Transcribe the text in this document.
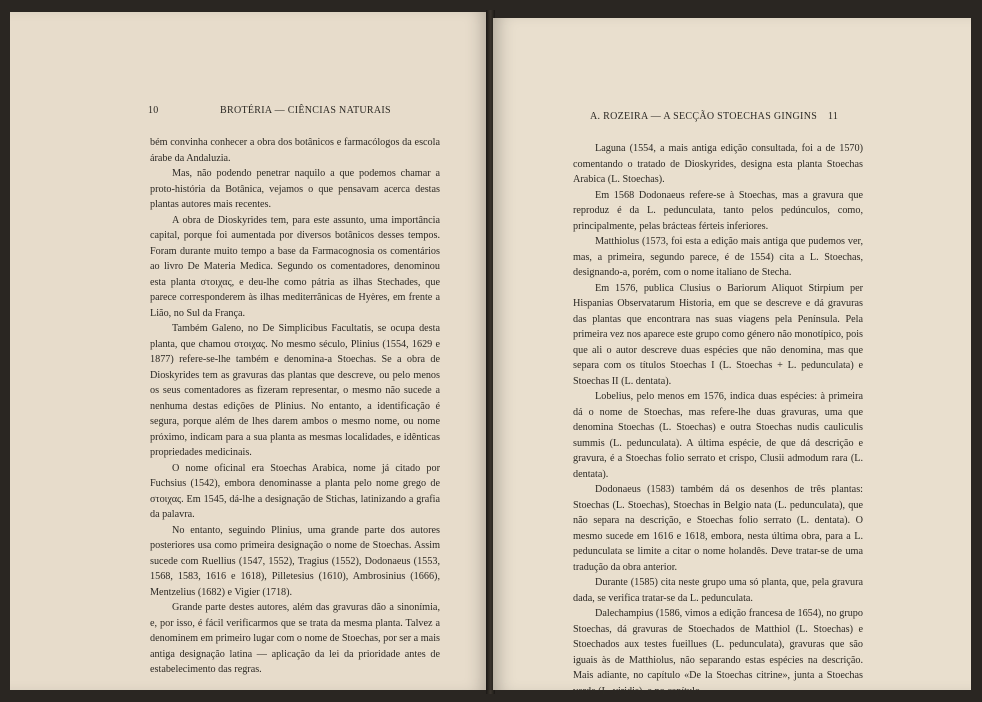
10	BROTÉRIA — CIÊNCIAS NATURAIS

bém convinha conhecer a obra dos botânicos e farmacólogos da escola árabe da Andaluzia.

Mas, não podendo penetrar naquilo a que podemos chamar a proto-história da Botânica, vejamos o que pensavam acerca destas plantas autores mais recentes.

A obra de Dioskyrides tem, para este assunto, uma importância capital, porque foi aumentada por diversos botânicos desses tempos. Foram durante muito tempo a base da Farmacognosia os comentários ao livro De Materia Medica. Segundo os comentadores, denominou esta planta στοιχας, e deu-lhe como pátria as ilhas Stechades, que parece corresponderem às ilhas mediterrânicas de Hyères, em frente a Lião, no Sul da França.

Também Galeno, no De Simplicibus Facultatis, se ocupa desta planta, que chamou στοιχας. No mesmo século, Plinius (1554, 1629 e 1877) refere-se-lhe também e denomina-a Stoechas. Se a obra de Dioskyrides tem as gravuras das plantas que descreve, ou pelo menos os seus comentadores as fizeram representar, o mesmo não sucede a nenhuma destas edições de Plinius. No entanto, a identificação é segura, porque além de lhes darem ambos o mesmo nome, ou nome próximo, indicam para a sua planta as mesmas localidades, e idênticas propriedades medicinais.

O nome oficinal era Stoechas Arabica, nome já citado por Fuchsius (1542), embora denominasse a planta pelo nome grego de στοιχας. Em 1545, dá-lhe a designação de Stichas, latinizando a grafia da palavra.

No entanto, seguindo Plinius, uma grande parte dos autores posteriores usa como primeira designação o nome de Stoechas. Assim sucede com Ruellius (1547, 1552), Tragius (1552), Dodonaeus (1553, 1568, 1583, 1616 e 1618), Pilletesius (1610), Ambrosinius (1666), Mentzelius (1682) e Vigier (1718).

Grande parte destes autores, além das gravuras dão a sinonímia, e, por isso, é fácil verificarmos que se trata da mesma planta. Talvez a denominem em primeiro lugar com o nome de Stoechas, por ser a mais antiga designação latina — aplicação da lei da prioridade antes de estabelecimento das regras.

A. ROZEIRA — A SECÇÃO STOECHAS GINGINS 11

Laguna (1554, a mais antiga edição consultada, foi a de 1570) comentando o tratado de Dioskyrides, designa esta planta Stoechas Arabica (L. Stoechas).

Em 1568 Dodonaeus refere-se à Stoechas, mas a gravura que reproduz é da L. pedunculata, tanto pelos pedúnculos, como, principalmente, pelas brácteas férteis inferiores.

Matthiolus (1573, foi esta a edição mais antiga que pudemos ver, mas, a primeira, segundo parece, é de 1554) cita a L. Stoechas, designando-a, porém, com o nome italiano de Stecha.

Em 1576, publica Clusius o Bariorum Aliquot Stirpium per Hispanias Observatarum Historia, em que se descreve e dá gravuras das plantas que encontrara nas suas viagens pela Península. Pela primeira vez nos aparece este grupo como género não monotípico, pois que ali o autor descreve duas espécies que não denomina, mas que separa com os títulos Stoechas I (L. Stoechas + L. pedunculata) e Stoechas II (L. dentata).

Lobelius, pelo menos em 1576, indica duas espécies: à primeira dá o nome de Stoechas, mas refere-lhe duas gravuras, uma que denomina Stoechas (L. Stoechas) e outra Stoechas nudis cauliculis summis (L. pedunculata). A última espécie, de que dá descrição e gravura, é a Stoechas folio serrato et crispo, Clusii admodum rara (L. dentata).

Dodonaeus (1583) também dá os desenhos de três plantas: Stoechas (L. Stoechas), Stoechas in Belgio nata (L. pedunculata), que não separa na descrição, e Stoechas folio serrato (L. dentata). O mesmo sucede em 1616 e 1618, embora, nesta última obra, para a L. pedunculata se limite a citar o nome holandês. Deve tratar-se de uma tradução da obra anterior.

Durante (1585) cita neste grupo uma só planta, que, pela gravura dada, se verifica tratar-se da L. pedunculata.

Dalechampius (1586, vimos a edição francesa de 1654), no grupo Stoechas, dá gravuras de Stoechados de Matthiol (L. Stoechas) e Stoechados aux testes fueillues (L. pedunculata), gravuras que são iguais às de Matthiolus, não separando estas espécies na descrição. Mais adiante, no capítulo «De la Stoechas citrine», junta a Stoechas verde (L. viridis), e no capítulo
